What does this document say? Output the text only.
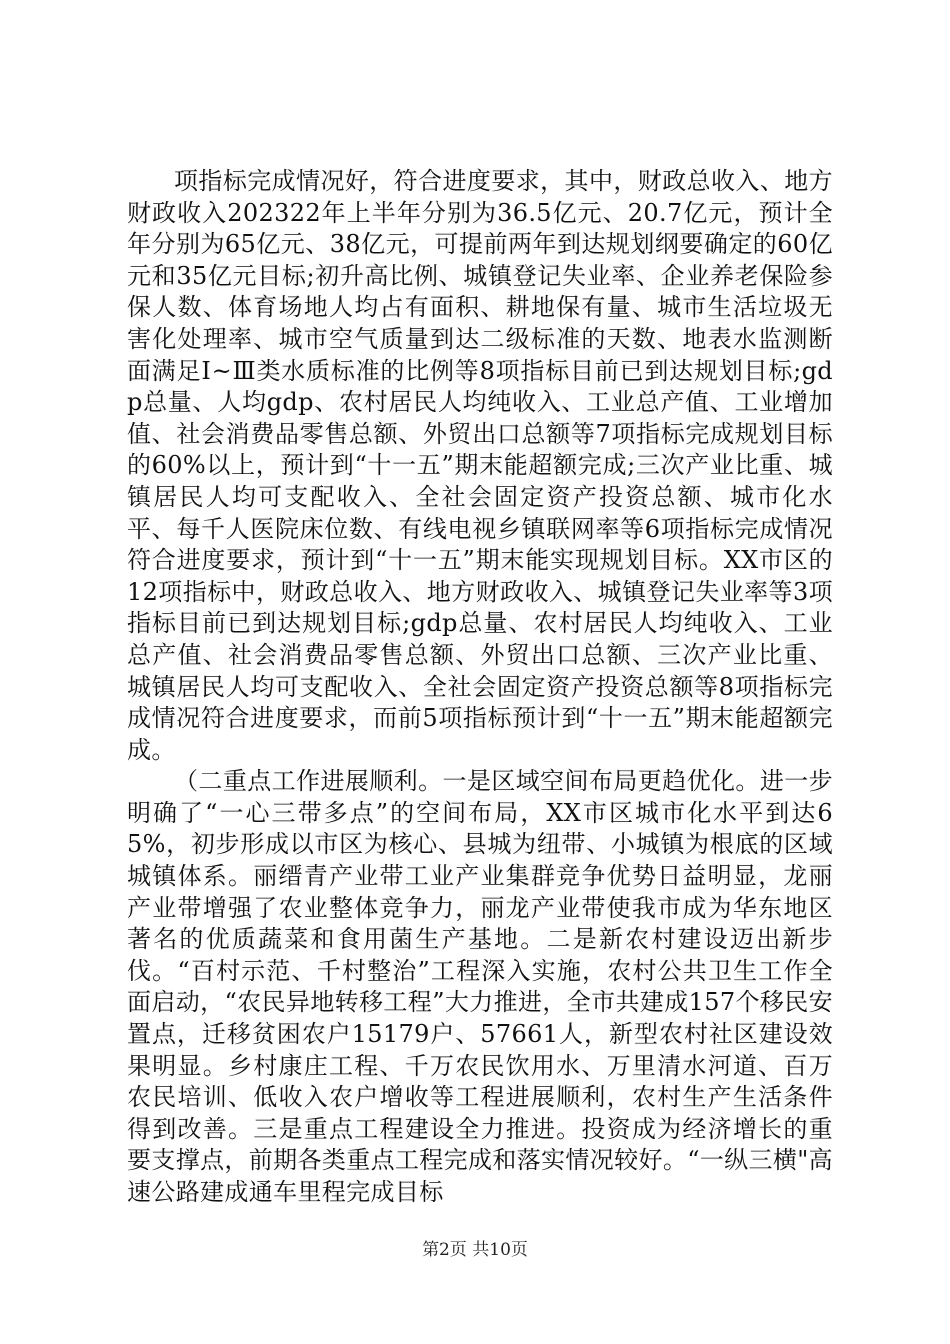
项指标完成情况好，符合进度要求，其中，财政总收入、地方财政收入202322年上半年分别为36.5亿元、20.7亿元，预计全年分别为65亿元、38亿元，可提前两年到达规划纲要确定的60亿元和35亿元目标;初升高比例、城镇登记失业率、企业养老保险参保人数、体育场地人均占有面积、耕地保有量、城市生活垃圾无害化处理率、城市空气质量到达二级标准的天数、地表水监测断面满足Ⅰ~Ⅲ类水质标准的比例等8项指标目前已到达规划目标;gdp总量、人均gdp、农村居民人均纯收入、工业总产值、工业增加值、社会消费品零售总额、外贸出口总额等7项指标完成规划目标的60%以上，预计到“十一五”期末能超额完成;三次产业比重、城镇居民人均可支配收入、全社会固定资产投资总额、城市化水平、每千人医院床位数、有线电视乡镇联网率等6项指标完成情况符合进度要求，预计到“十一五”期末能实现规划目标。XX市区的12项指标中，财政总收入、地方财政收入、城镇登记失业率等3项指标目前已到达规划目标;gdp总量、农村居民人均纯收入、工业总产值、社会消费品零售总额、外贸出口总额、三次产业比重、城镇居民人均可支配收入、全社会固定资产投资总额等8项指标完成情况符合进度要求，而前5项指标预计到“十一五”期末能超额完成。

（二重点工作进展顺利。一是区域空间布局更趋优化。进一步明确了“一心三带多点”的空间布局，XX市区城市化水平到达65%，初步形成以市区为核心、县城为纽带、小城镇为根底的区域城镇体系。丽缙青产业带工业产业集群竞争优势日益明显，龙丽产业带增强了农业整体竞争力，丽龙产业带使我市成为华东地区著名的优质蔬菜和食用菌生产基地。二是新农村建设迈出新步伐。“百村示范、千村整治”工程深入实施，农村公共卫生工作全面启动，“农民异地转移工程”大力推进，全市共建成157个移民安置点，迁移贫困农户15179户、57661人，新型农村社区建设效果明显。乡村康庄工程、千万农民饮用水、万里清水河道、百万农民培训、低收入农户增收等工程进展顺利，农村生产生活条件得到改善。三是重点工程建设全力推进。投资成为经济增长的重要支撑点，前期各类重点工程完成和落实情况较好。“一纵三横"高速公路建成通车里程完成目标

第2页 共10页
